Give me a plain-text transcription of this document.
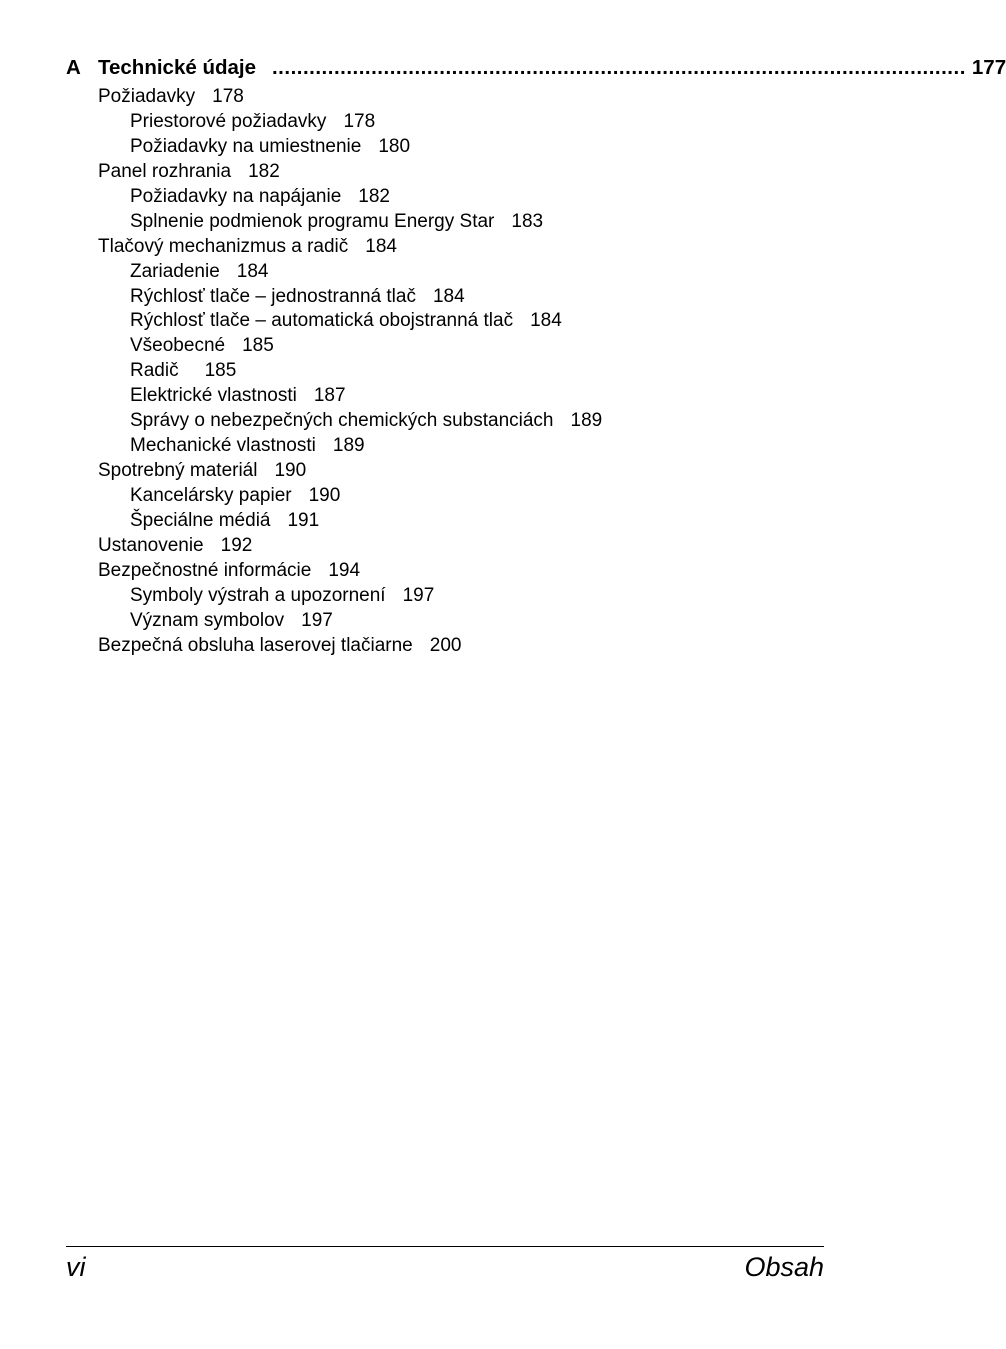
A Technické údaje ................................................................................................................ 177
Požiadavky 178
Priestorové požiadavky 178
Požiadavky na umiestnenie 180
Panel rozhrania 182
Požiadavky na napájanie 182
Splnenie podmienok programu Energy Star 183
Tlačový mechanizmus a radič 184
Zariadenie 184
Rýchlosť tlače – jednostranná tlač 184
Rýchlosť tlače – automatická obojstranná tlač 184
Všeobecné 185
Radič 185
Elektrické vlastnosti 187
Správy o nebezpečných chemických substanciách 189
Mechanické vlastnosti 189
Spotrebný materiál 190
Kancelársky papier 190
Špeciálne médiá 191
Ustanovenie 192
Bezpečnostné informácie 194
Symboly výstrah a upozornení 197
Význam symbolov 197
Bezpečná obsluha laserovej tlačiarne 200
vi	Obsah
